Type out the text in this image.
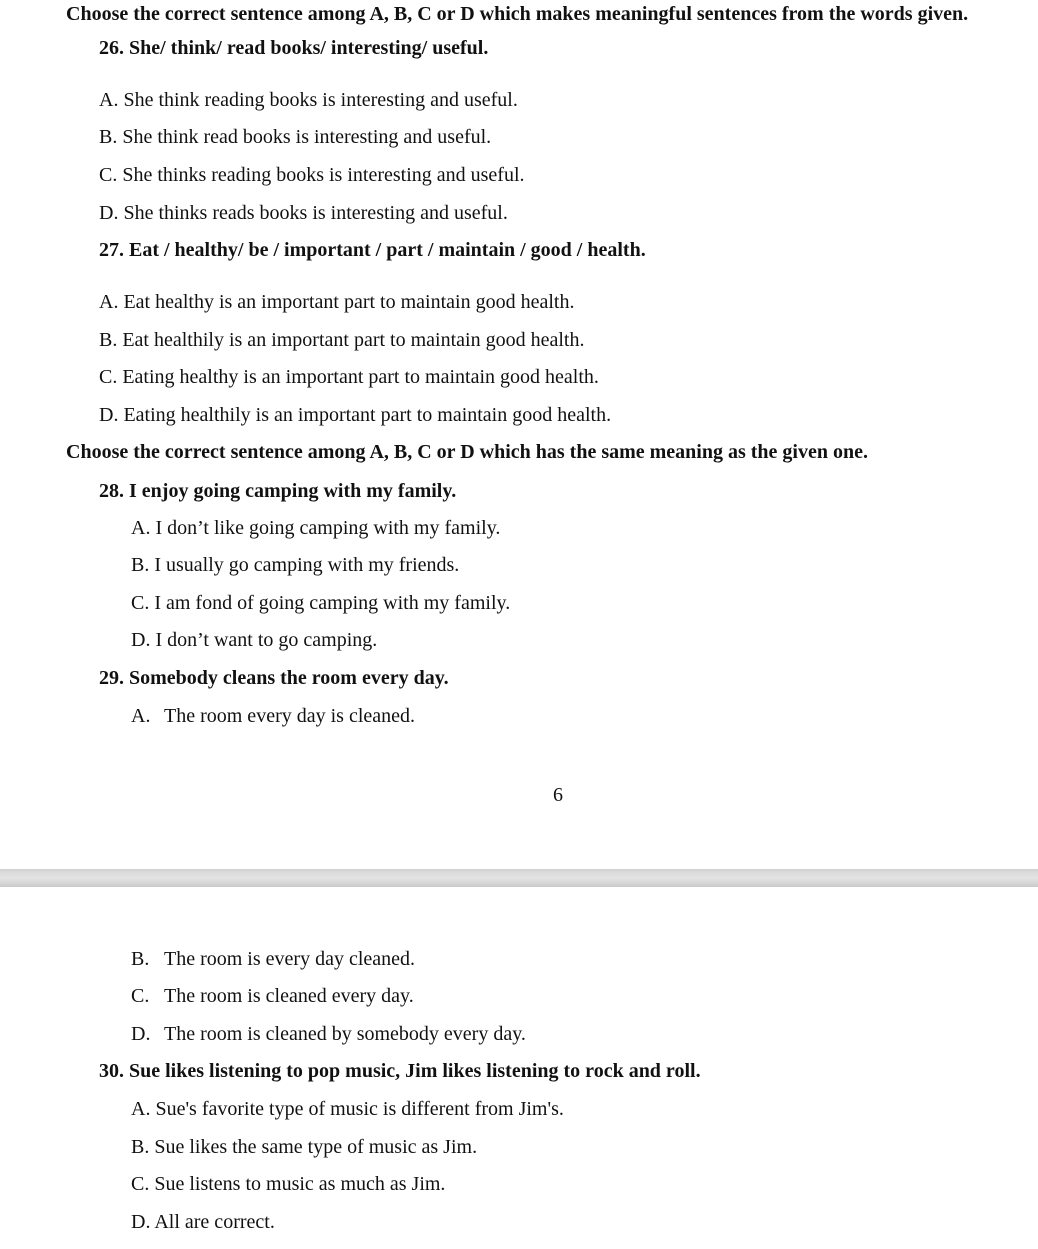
Choose the correct sentence among A, B, C or D which makes meaningful sentences from the words given.
26. She/ think/ read books/ interesting/ useful.
A. She think reading books is interesting and useful.
B. She think read books is interesting and useful.
C. She thinks reading books is interesting and useful.
D. She thinks reads books is interesting and useful.
27. Eat / healthy/ be / important / part / maintain / good / health.
A. Eat healthy is an important part to maintain good health.
B. Eat healthily is an important part to maintain good health.
C. Eating healthy is an important part to maintain good health.
D. Eating healthily is an important part to maintain good health.
Choose the correct sentence among A, B, C or D which has the same meaning as the given one.
28. I enjoy going camping with my family.
A. I don’t like going camping with my family.
B. I usually go camping with my friends.
C. I am fond of going camping with my family.
D. I don’t want to go camping.
29. Somebody cleans the room every day.
A. The room every day is cleaned.
6
B. The room is every day cleaned.
C. The room is cleaned every day.
D. The room is cleaned by somebody every day.
30. Sue likes listening to pop music, Jim likes listening to rock and roll.
A. Sue's favorite type of music is different from Jim's.
B. Sue likes the same type of music as Jim.
C. Sue listens to music as much as Jim.
D. All are correct.
